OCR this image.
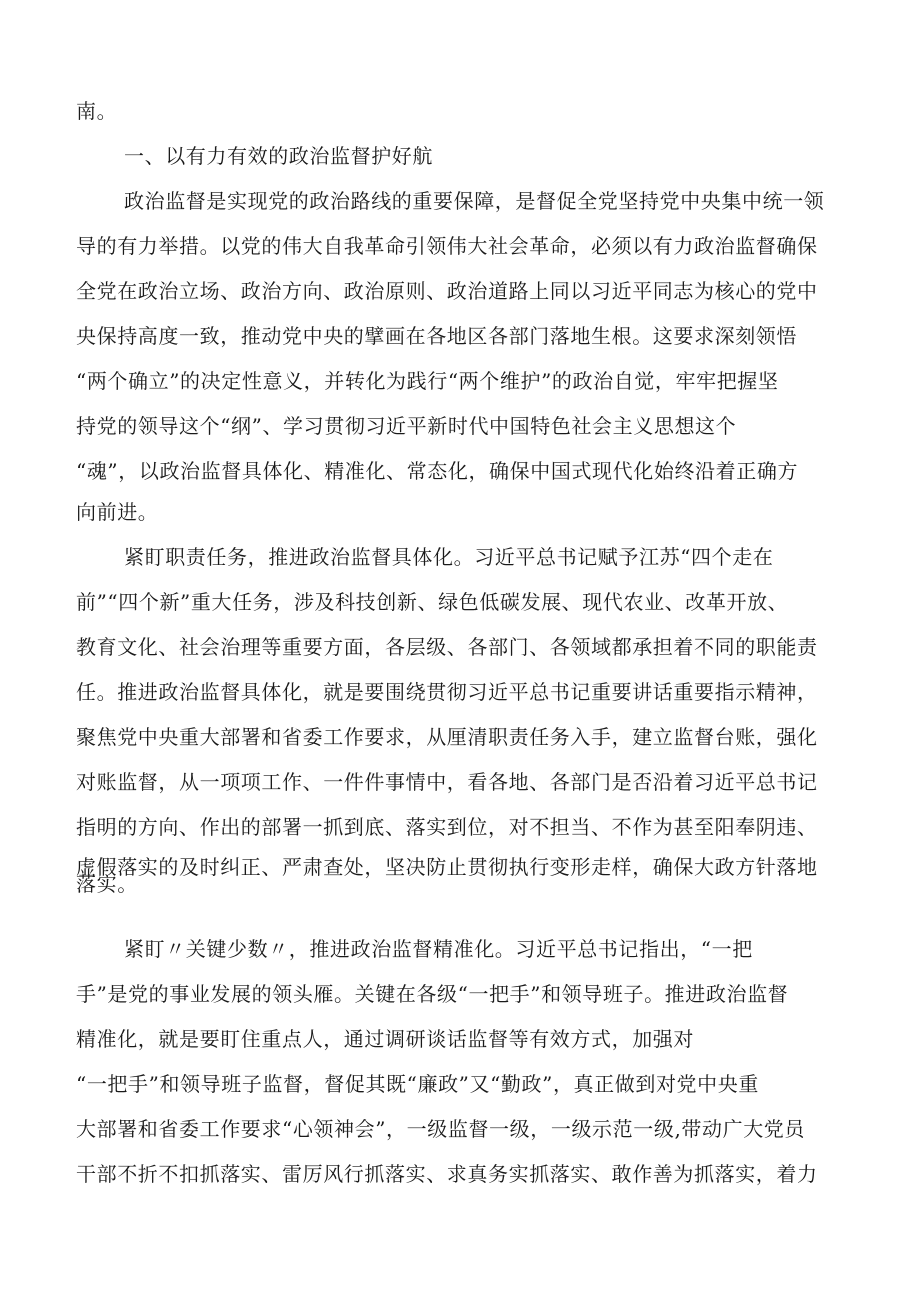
南。
一、以有力有效的政治监督护好航
政治监督是实现党的政治路线的重要保障，是督促全党坚持党中央集中统一领
导的有力举措。以党的伟大自我革命引领伟大社会革命，必须以有力政治监督确保
全党在政治立场、政治方向、政治原则、政治道路上同以习近平同志为核心的党中
央保持高度一致，推动党中央的擘画在各地区各部门落地生根。这要求深刻领悟
“两个确立”的决定性意义，并转化为践行“两个维护”的政治自觉，牢牢把握坚
持党的领导这个“纲”、学习贯彻习近平新时代中国特色社会主义思想这个
“魂”，以政治监督具体化、精准化、常态化，确保中国式现代化始终沿着正确方
向前进。
紧盯职责任务，推进政治监督具体化。习近平总书记赋予江苏“四个走在
前”“四个新”重大任务，涉及科技创新、绿色低碳发展、现代农业、改革开放、
教育文化、社会治理等重要方面，各层级、各部门、各领域都承担着不同的职能责
任。推进政治监督具体化，就是要围绕贯彻习近平总书记重要讲话重要指示精神，
聚焦党中央重大部署和省委工作要求，从厘清职责任务入手，建立监督台账，强化
对账监督，从一项项工作、一件件事情中，看各地、各部门是否沿着习近平总书记
指明的方向、作出的部署一抓到底、落实到位，对不担当、不作为甚至阳奉阴违、
虚假落实的及时纠正、严肃查处，坚决防止贯彻执行变形走样，确保大政方针落地
落实。
紧盯〃关键少数〃，推进政治监督精准化。习近平总书记指出，“一把
手”是党的事业发展的领头雁。关键在各级“一把手”和领导班子。推进政治监督
精准化，就是要盯住重点人，通过调研谈话监督等有效方式，加强对
“一把手”和领导班子监督，督促其既“廉政”又“勤政”，真正做到对党中央重
大部署和省委工作要求“心领神会”，一级监督一级，一级示范一级,带动广大党员
干部不折不扣抓落实、雷厉风行抓落实、求真务实抓落实、敢作善为抓落实，着力
